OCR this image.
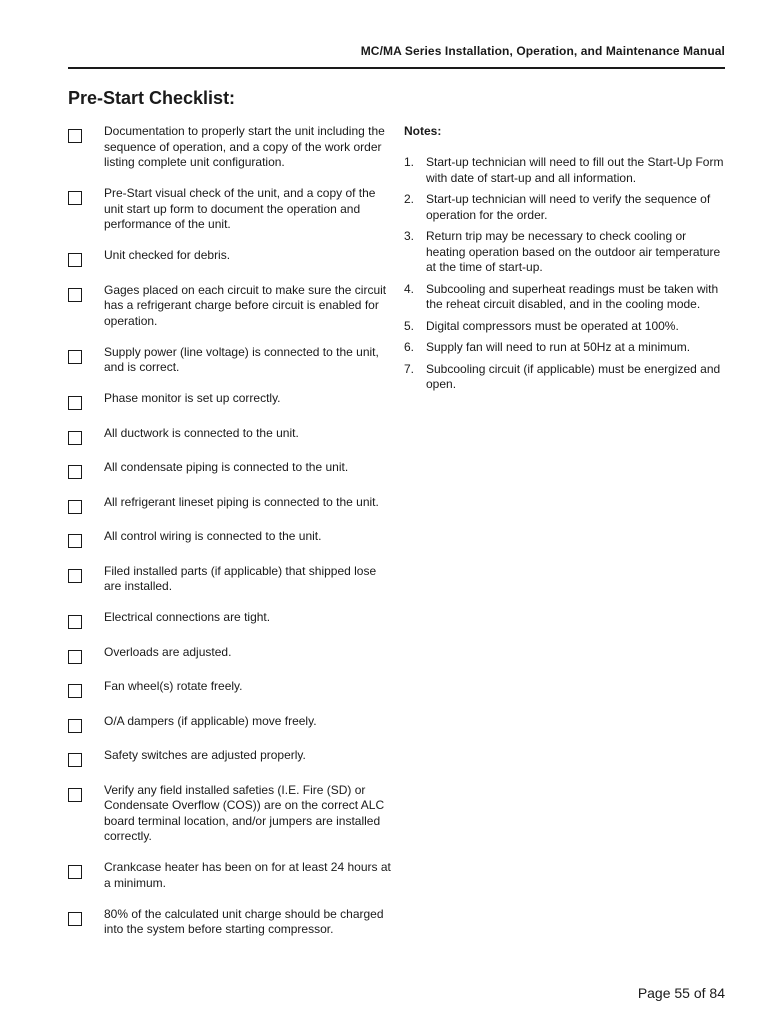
MC/MA Series Installation, Operation, and Maintenance Manual
Pre-Start Checklist:
Documentation to properly start the unit including the sequence of operation, and a copy of the work order listing complete unit configuration.
Pre-Start visual check of the unit, and a copy of the unit start up form to document the operation and performance of the unit.
Unit checked for debris.
Gages placed on each circuit to make sure the circuit has a refrigerant charge before circuit is enabled for operation.
Supply power (line voltage) is connected to the unit, and is correct.
Phase monitor is set up correctly.
All ductwork is connected to the unit.
All condensate piping is connected to the unit.
All refrigerant lineset piping is connected to the unit.
All control wiring is connected to the unit.
Filed installed parts (if applicable) that shipped lose are installed.
Electrical connections are tight.
Overloads are adjusted.
Fan wheel(s) rotate freely.
O/A dampers (if applicable) move freely.
Safety switches are adjusted properly.
Verify any field installed safeties (I.E. Fire (SD) or Condensate Overflow (COS)) are on the correct ALC board terminal location, and/or jumpers are installed correctly.
Crankcase heater has been on for at least 24 hours at a minimum.
80% of the calculated unit charge should be charged into the system before starting compressor.
Notes:
1. Start-up technician will need to fill out the Start-Up Form with date of start-up and all information.
2. Start-up technician will need to verify the sequence of operation for the order.
3. Return trip may be necessary to check cooling or heating operation based on the outdoor air temperature at the time of start-up.
4. Subcooling and superheat readings must be taken with the reheat circuit disabled, and in the cooling mode.
5. Digital compressors must be operated at 100%.
6. Supply fan will need to run at 50Hz at a minimum.
7. Subcooling circuit (if applicable) must be energized and open.
Page 55 of 84
